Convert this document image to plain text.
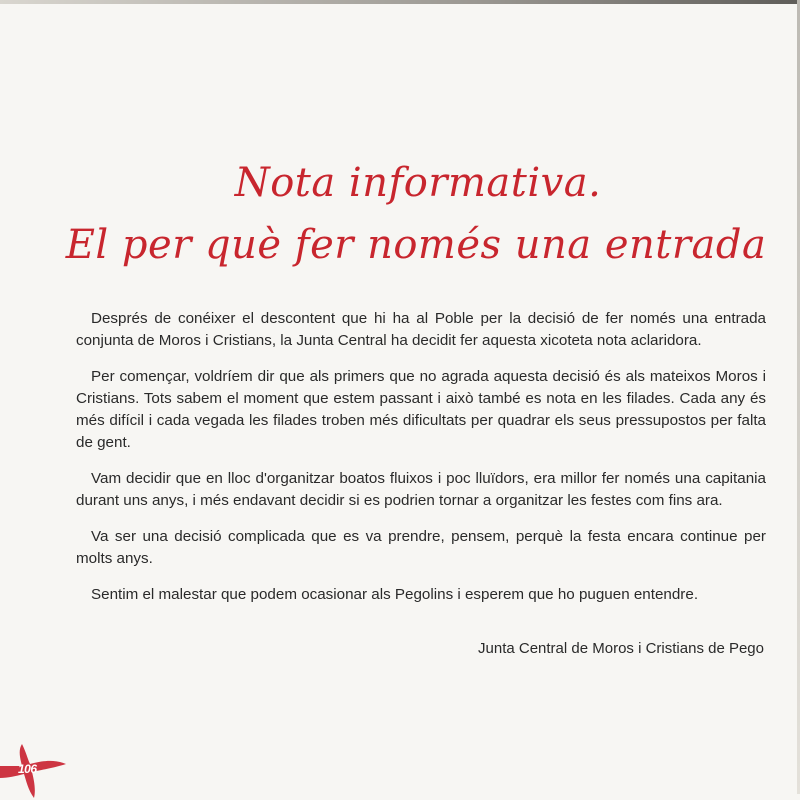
Nota informativa.
El per què fer només una entrada

Després de conéixer el descontent que hi ha al Poble per la decisió de fer només una entrada conjunta de Moros i Cristians, la Junta Central ha decidit fer aquesta xicoteta nota aclaridora.

Per començar, voldríem dir que als primers que no agrada aquesta decisió és als mateixos Moros i Cristians. Tots sabem el moment que estem passant i això també es nota en les filades. Cada any és més difícil i cada vegada les filades troben més dificultats per quadrar els seus pressupostos per falta de gent.

Vam decidir que en lloc d'organitzar boatos fluixos i poc lluïdors, era millor fer només una capitania durant uns anys, i més endavant decidir si es podrien tornar a organitzar les festes com fins ara.

Va ser una decisió complicada que es va prendre, pensem, perquè la festa encara continue per molts anys.

Sentim el malestar que podem ocasionar als Pegolins i esperem que ho puguen entendre.

Junta Central de Moros i Cristians de Pego
106
